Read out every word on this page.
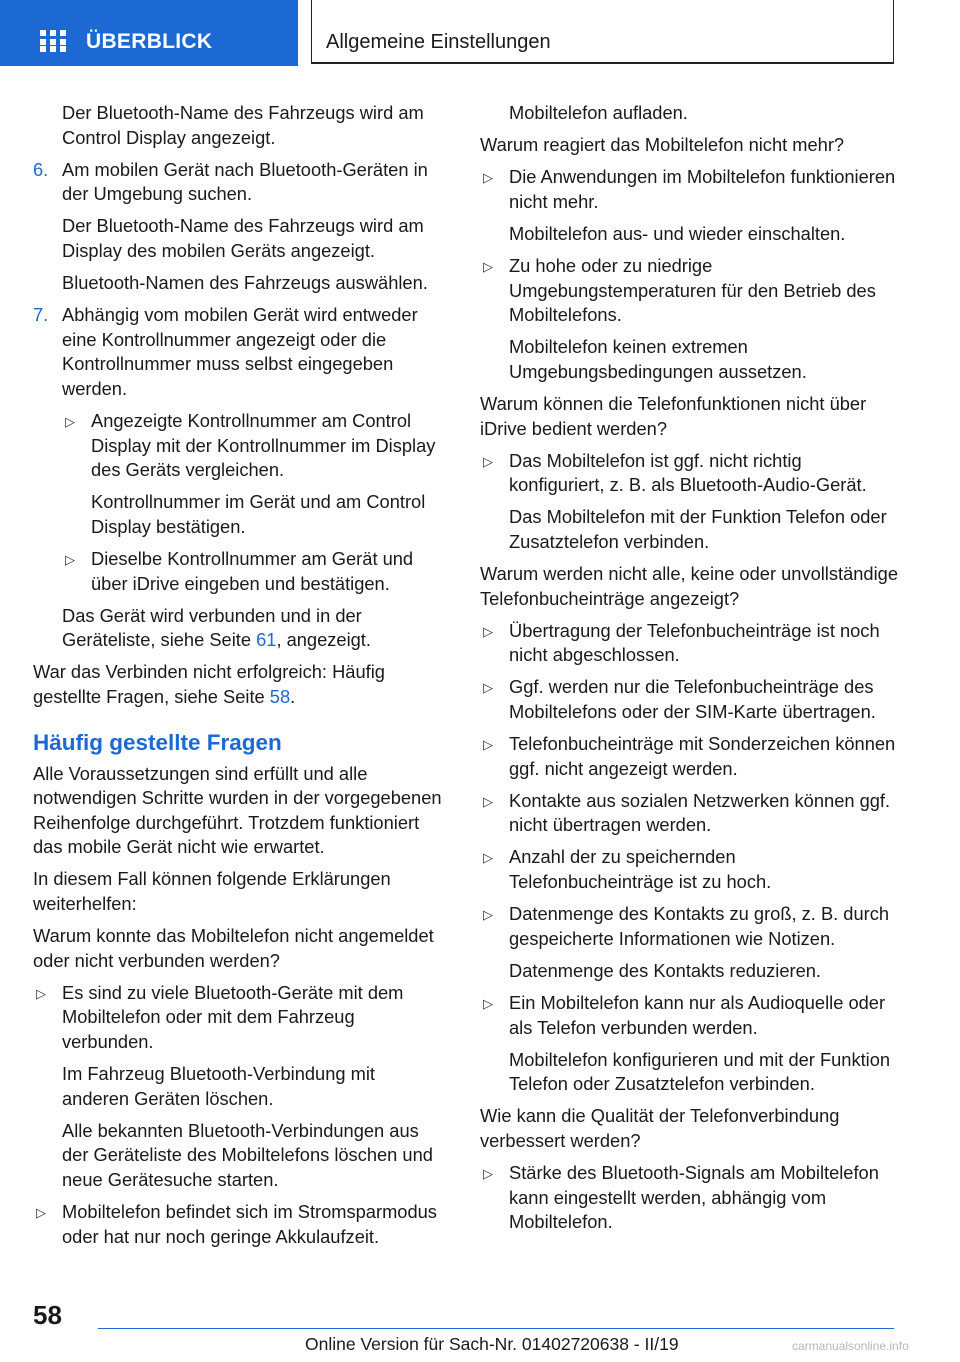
ÜBERBLICK	Allgemeine Einstellungen

Der Bluetooth-Name des Fahrzeugs wird am Control Display angezeigt.

6. Am mobilen Gerät nach Bluetooth-Geräten in der Umgebung suchen.

Der Bluetooth-Name des Fahrzeugs wird am Display des mobilen Geräts angezeigt.

Bluetooth-Namen des Fahrzeugs auswählen.

7. Abhängig vom mobilen Gerät wird entweder eine Kontrollnummer angezeigt oder die Kontrollnummer muss selbst eingegeben werden.
▷ Angezeigte Kontrollnummer am Control Display mit der Kontrollnummer im Display des Geräts vergleichen.

Kontrollnummer im Gerät und am Control Display bestätigen.

▷ Dieselbe Kontrollnummer am Gerät und über iDrive eingeben und bestätigen.

Das Gerät wird verbunden und in der Geräteliste, siehe Seite 61, angezeigt.

War das Verbinden nicht erfolgreich: Häufig gestellte Fragen, siehe Seite 58.

Häufig gestellte Fragen

Alle Voraussetzungen sind erfüllt und alle notwendigen Schritte wurden in der vorgegebenen Reihenfolge durchgeführt. Trotzdem funktioniert das mobile Gerät nicht wie erwartet.

In diesem Fall können folgende Erklärungen weiterhelfen:

Warum konnte das Mobiltelefon nicht angemeldet oder nicht verbunden werden?

▷ Es sind zu viele Bluetooth-Geräte mit dem Mobiltelefon oder mit dem Fahrzeug verbunden.

Im Fahrzeug Bluetooth-Verbindung mit anderen Geräten löschen.

Alle bekannten Bluetooth-Verbindungen aus der Geräteliste des Mobiltelefons löschen und neue Gerätesuche starten.

▷ Mobiltelefon befindet sich im Stromsparmodus oder hat nur noch geringe Akkulaufzeit.

Mobiltelefon aufladen.

Warum reagiert das Mobiltelefon nicht mehr?

▷ Die Anwendungen im Mobiltelefon funktionieren nicht mehr.

Mobiltelefon aus- und wieder einschalten.

▷ Zu hohe oder zu niedrige Umgebungstemperaturen für den Betrieb des Mobiltelefons.

Mobiltelefon keinen extremen Umgebungsbedingungen aussetzen.

Warum können die Telefonfunktionen nicht über iDrive bedient werden?

▷ Das Mobiltelefon ist ggf. nicht richtig konfiguriert, z. B. als Bluetooth-Audio-Gerät.

Das Mobiltelefon mit der Funktion Telefon oder Zusatztelefon verbinden.

Warum werden nicht alle, keine oder unvollständige Telefonbucheinträge angezeigt?

▷ Übertragung der Telefonbucheinträge ist noch nicht abgeschlossen.
▷ Ggf. werden nur die Telefonbucheinträge des Mobiltelefons oder der SIM-Karte übertragen.
▷ Telefonbucheinträge mit Sonderzeichen können ggf. nicht angezeigt werden.
▷ Kontakte aus sozialen Netzwerken können ggf. nicht übertragen werden.
▷ Anzahl der zu speichernden Telefonbucheinträge ist zu hoch.
▷ Datenmenge des Kontakts zu groß, z. B. durch gespeicherte Informationen wie Notizen.

Datenmenge des Kontakts reduzieren.

▷ Ein Mobiltelefon kann nur als Audioquelle oder als Telefon verbunden werden.

Mobiltelefon konfigurieren und mit der Funktion Telefon oder Zusatztelefon verbinden.

Wie kann die Qualität der Telefonverbindung verbessert werden?

▷ Stärke des Bluetooth-Signals am Mobiltelefon kann eingestellt werden, abhängig vom Mobiltelefon.
58
Online Version für Sach-Nr. 01402720638 - II/19	carmanualsonline.info
